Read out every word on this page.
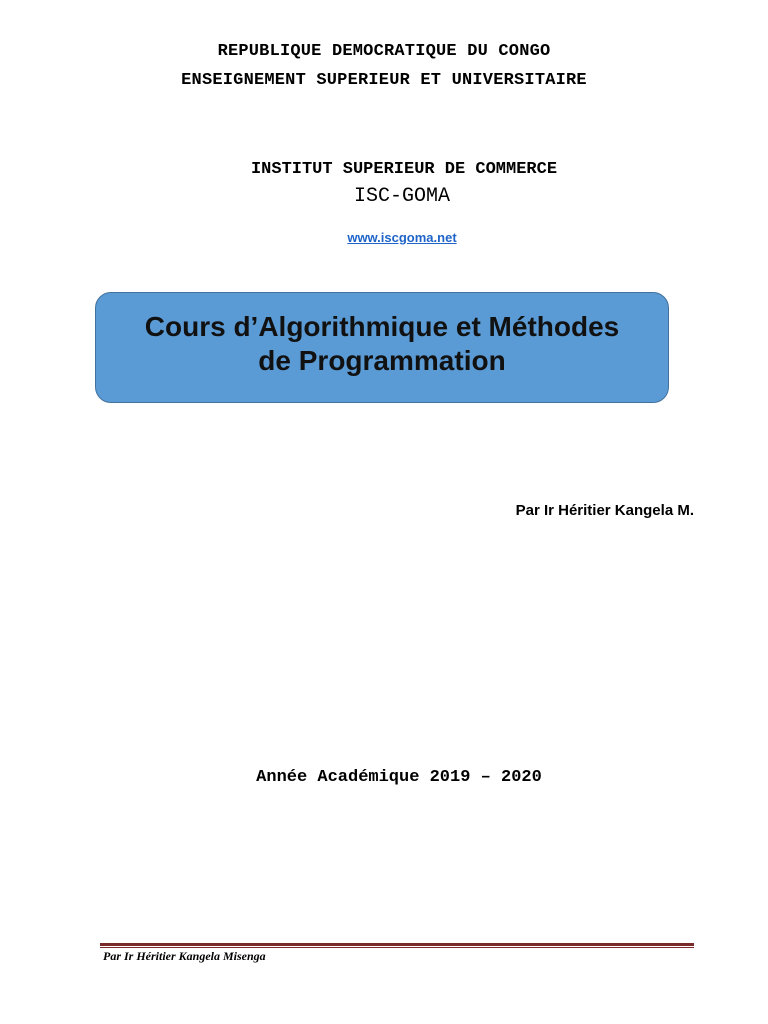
REPUBLIQUE DEMOCRATIQUE DU CONGO
ENSEIGNEMENT SUPERIEUR ET UNIVERSITAIRE
INSTITUT SUPERIEUR DE COMMERCE
ISC-GOMA
www.iscgoma.net
Cours d’Algorithmique et Méthodes
de Programmation
Par Ir Héritier Kangela M.
Année Académique 2019 – 2020
Par Ir Héritier Kangela Misenga
